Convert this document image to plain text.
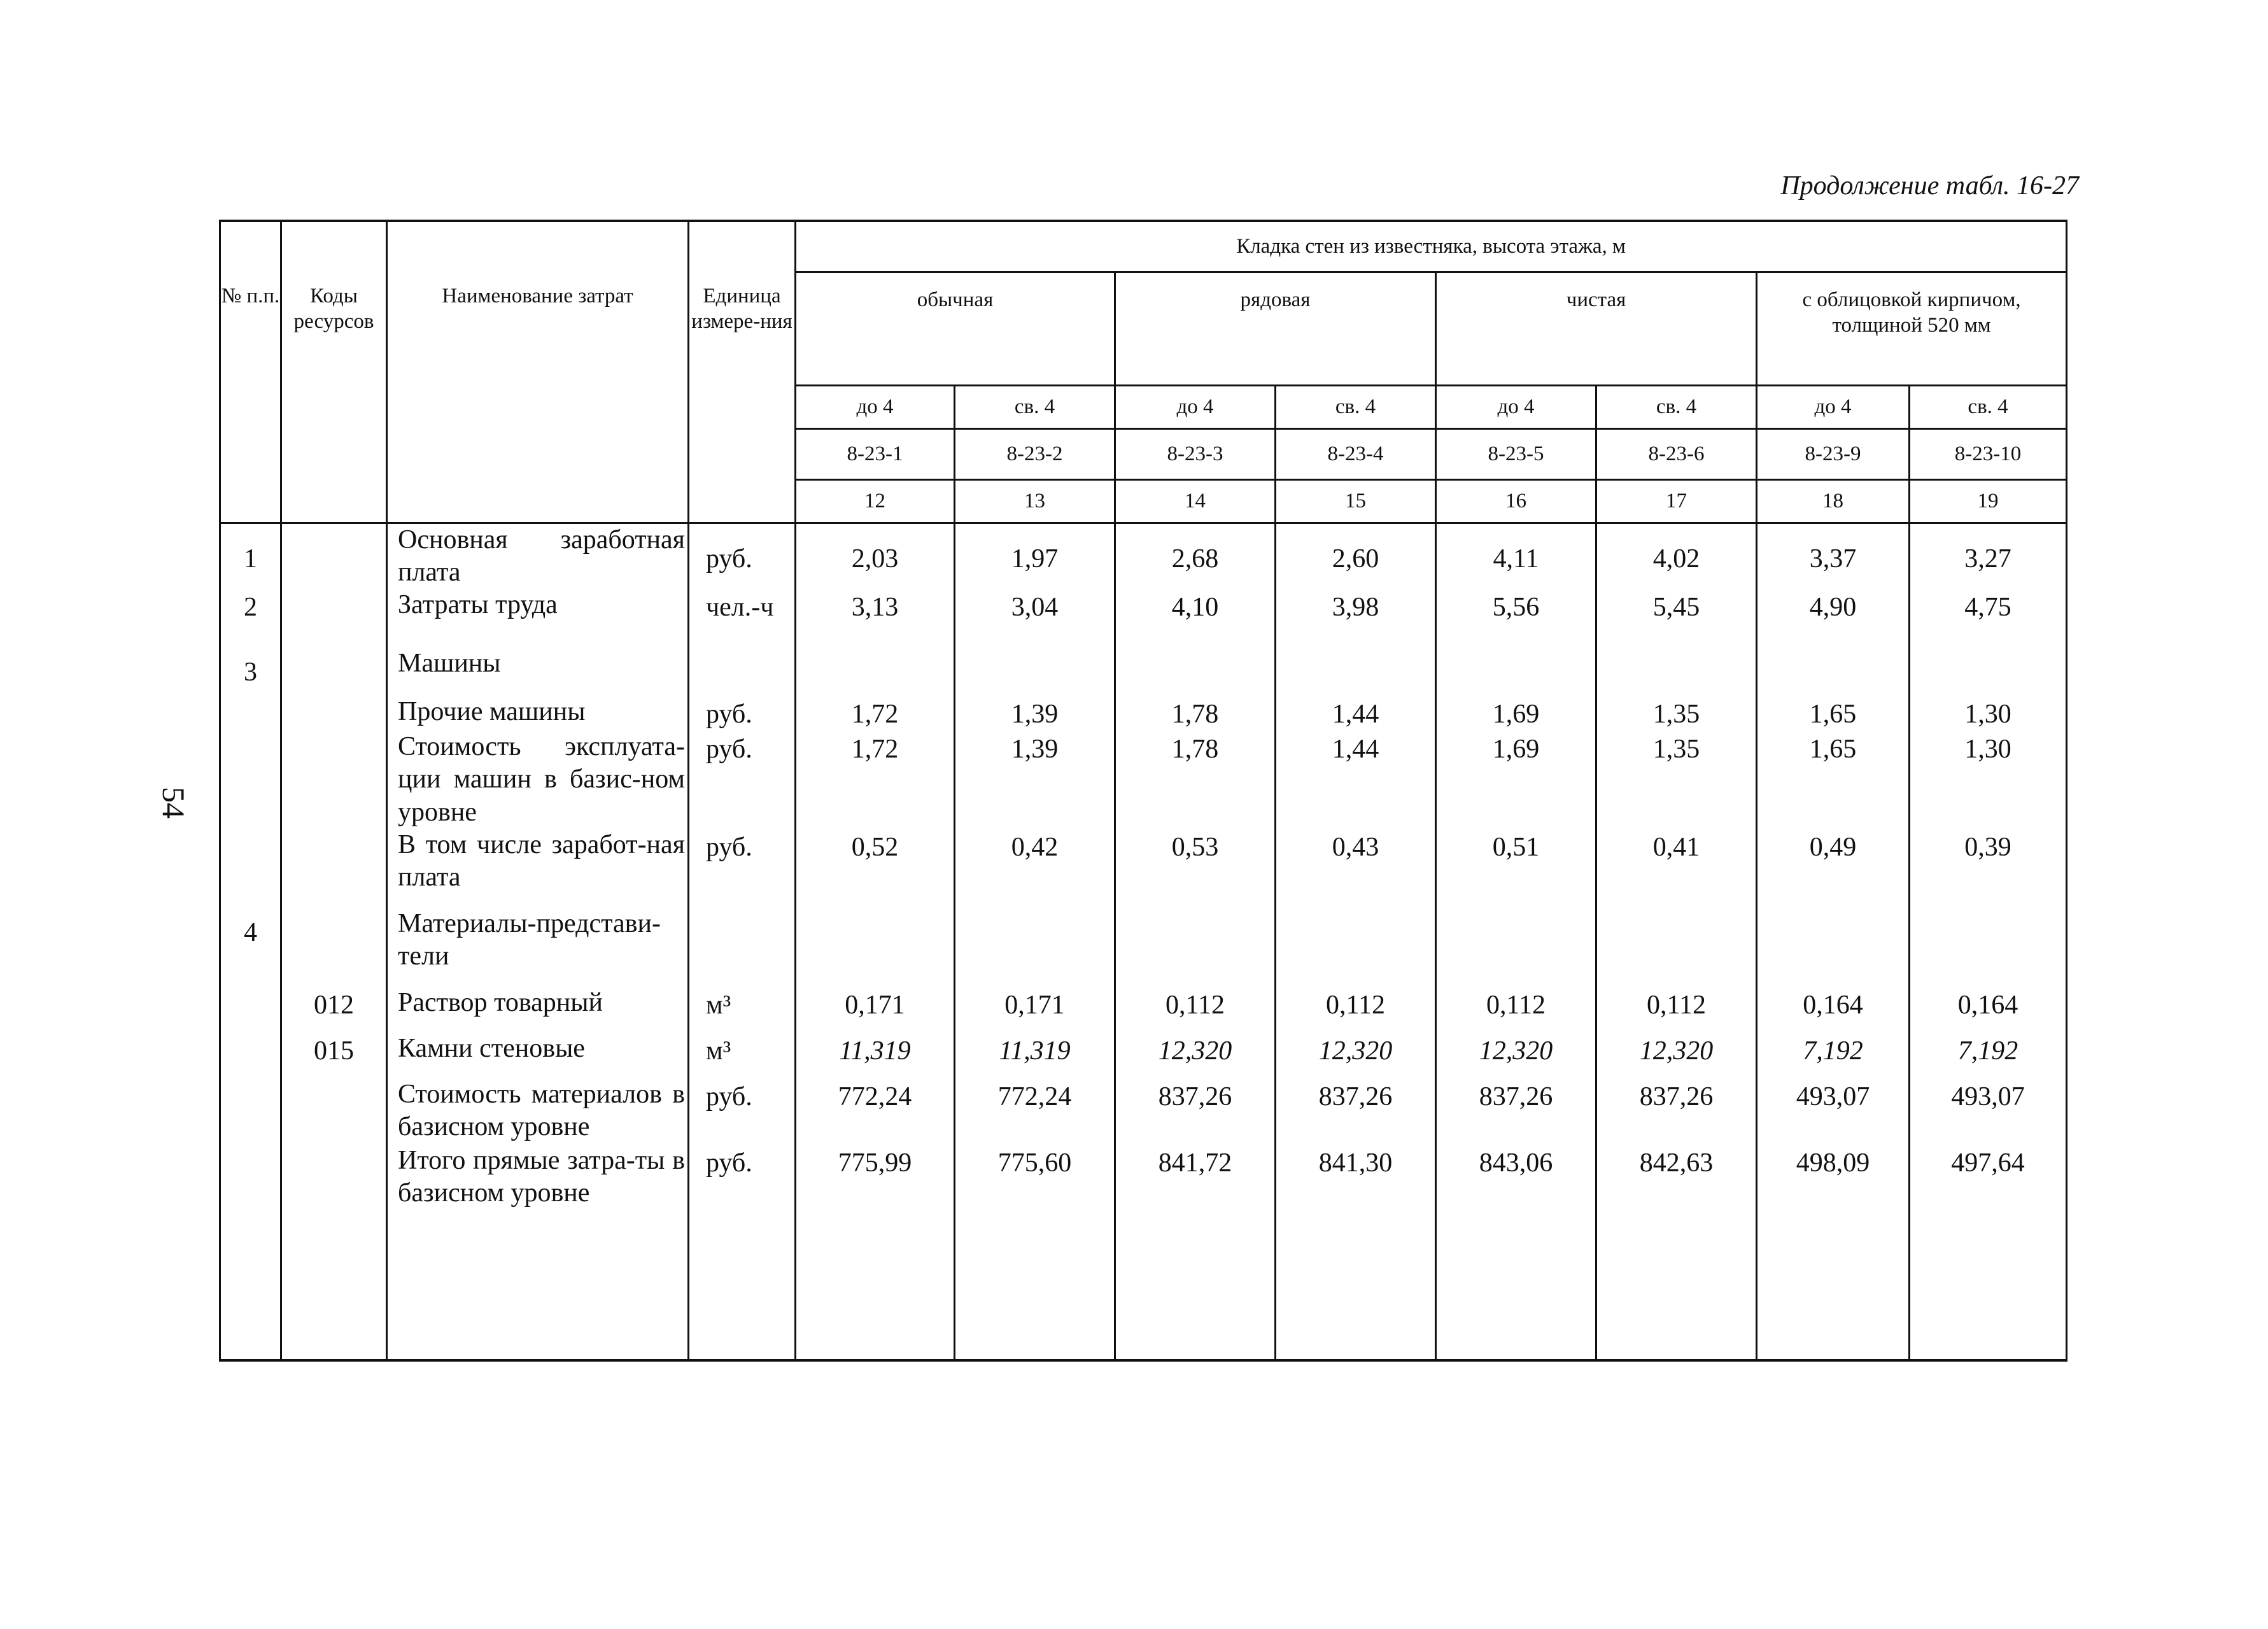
54
Продолжение табл. 16-27
№ п.п.	Коды ресурсов	Наименование затрат	Единица измере-ния	Кладка стен из известняка, высота этажа, м							
				обычная		рядовая		чистая		с облицовкой кирпичом, толщиной 520 мм	
				до 4	св. 4	до 4	св. 4	до 4	св. 4	до 4	св. 4
				8-23-1	8-23-2	8-23-3	8-23-4	8-23-5	8-23-6	8-23-9	8-23-10
				12	13	14	15	16	17	18	19
1		Основная заработная плата	руб.	2,03	1,97	2,68	2,60	4,11	4,02	3,37	3,27
2		Затраты труда	чел.-ч	3,13	3,04	4,10	3,98	5,56	5,45	4,90	4,75
3		Машины									
		Прочие машины	руб.	1,72	1,39	1,78	1,44	1,69	1,35	1,65	1,30
		Стоимость эксплуата-ции машин в базис-ном уровне	руб.	1,72	1,39	1,78	1,44	1,69	1,35	1,65	1,30
		В том числе заработ-ная плата	руб.	0,52	0,42	0,53	0,43	0,51	0,41	0,49	0,39
4		Материалы-представи-тели									
	012	Раствор товарный	м³	0,171	0,171	0,112	0,112	0,112	0,112	0,164	0,164
	015	Камни стеновые	м³	11,319	11,319	12,320	12,320	12,320	12,320	7,192	7,192
		Стоимость материалов в базисном уровне	руб.	772,24	772,24	837,26	837,26	837,26	837,26	493,07	493,07
		Итого прямые затра-ты в базисном уровне	руб.	775,99	775,60	841,72	841,30	843,06	842,63	498,09	497,64
